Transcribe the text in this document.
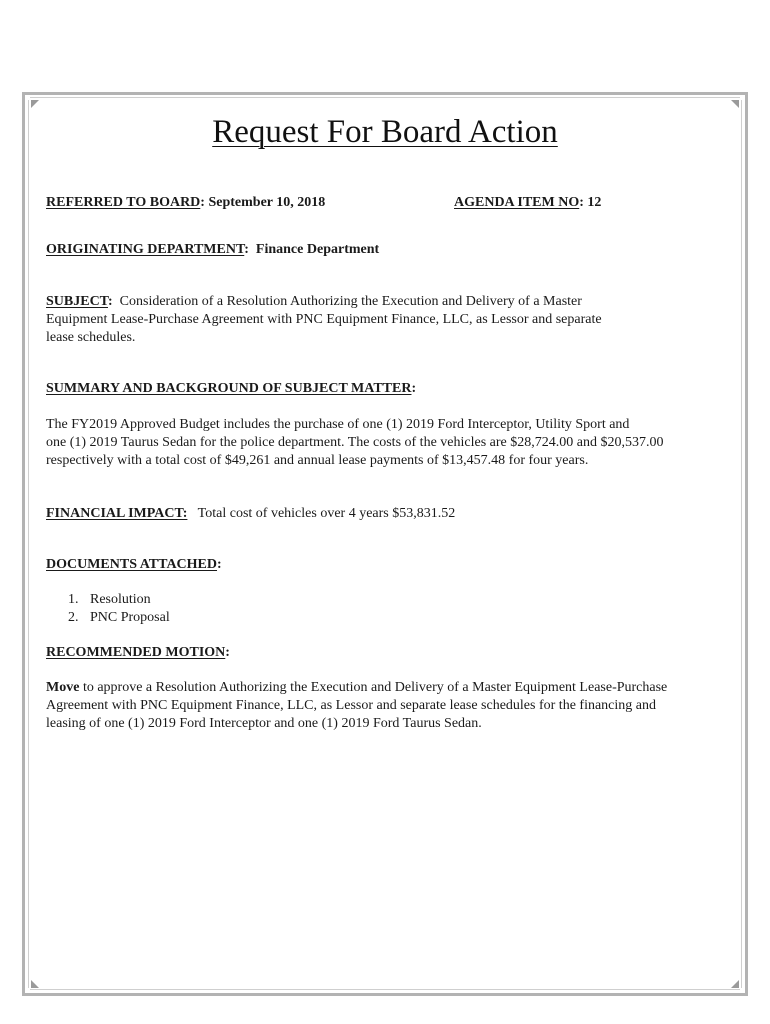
Request For Board Action
REFERRED TO BOARD: September 10, 2018	AGENDA ITEM NO: 12
ORIGINATING DEPARTMENT:  Finance Department
SUBJECT: Consideration of a Resolution Authorizing the Execution and Delivery of a Master
Equipment Lease-Purchase Agreement with PNC Equipment Finance, LLC, as Lessor and separate
lease schedules.
SUMMARY AND BACKGROUND OF SUBJECT MATTER:
The FY2019 Approved Budget includes the purchase of one (1) 2019 Ford Interceptor, Utility Sport and
one (1) 2019 Taurus Sedan for the police department. The costs of the vehicles are $28,724.00 and $20,537.00
respectively with a total cost of $49,261 and annual lease payments of $13,457.48 for four years.
FINANCIAL IMPACT: Total cost of vehicles over 4 years $53,831.52
DOCUMENTS ATTACHED:
1. Resolution
2. PNC Proposal
RECOMMENDED MOTION:
Move to approve a Resolution Authorizing the Execution and Delivery of a Master Equipment Lease-Purchase
Agreement with PNC Equipment Finance, LLC, as Lessor and separate lease schedules for the financing and
leasing of one (1) 2019 Ford Interceptor and one (1) 2019 Ford Taurus Sedan.
